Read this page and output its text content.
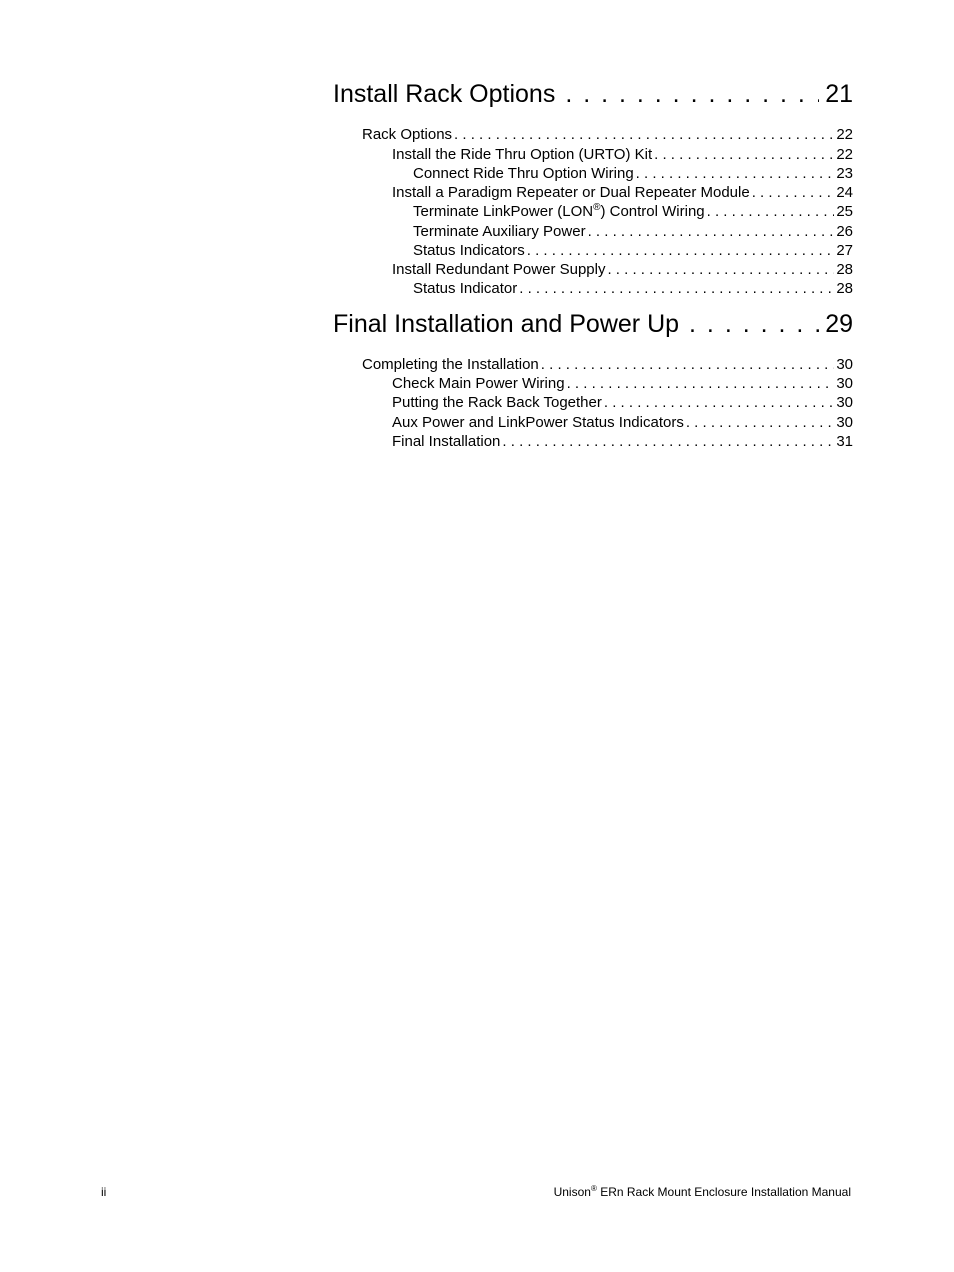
Install Rack Options . . .	21
Rack Options . . .	22
Install the Ride Thru Option (URTO) Kit . . .	22
Connect Ride Thru Option Wiring . . .	23
Install a Paradigm Repeater or Dual Repeater Module . . .	24
Terminate LinkPower (LON®) Control Wiring . . .	25
Terminate Auxiliary Power . . .	26
Status Indicators . . .	27
Install Redundant Power Supply . . .	28
Status Indicator . . .	28
Final Installation and Power Up . . .	29
Completing the Installation . . .	30
Check Main Power Wiring . . .	30
Putting the Rack Back Together . . .	30
Aux Power and LinkPower Status Indicators . . .	30
Final Installation . . .	31
ii	Unison® ERn Rack Mount Enclosure Installation Manual
